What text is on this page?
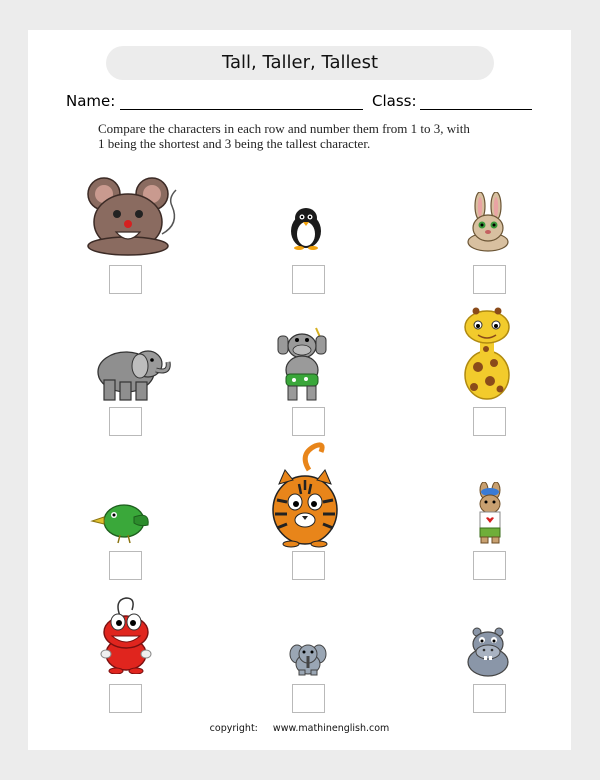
Tall, Taller, Tallest
Name:	Class:
Compare the characters in each row and number them from 1 to 3, with
1 being the shortest and 3 being the tallest character.
copyright: www.mathinenglish.com
